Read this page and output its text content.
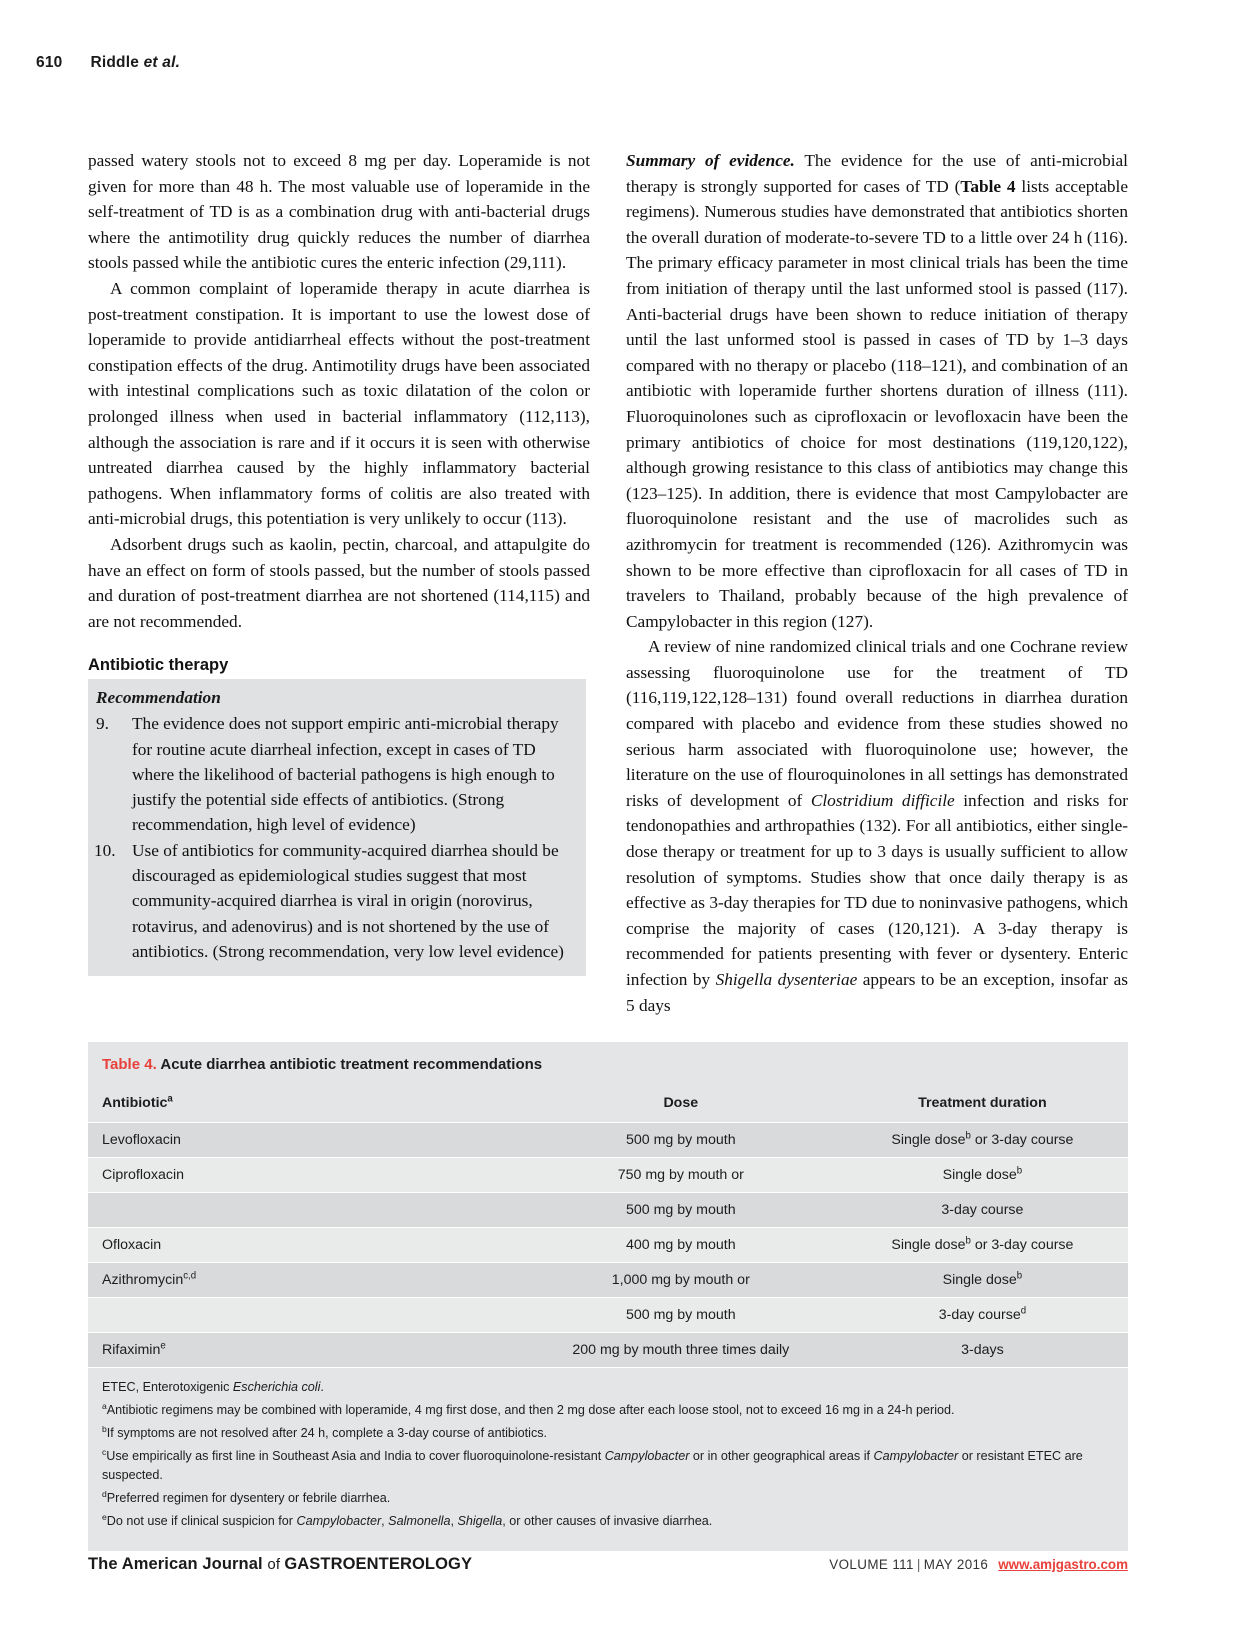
610 Riddle et al.

passed watery stools not to exceed 8 mg per day. Loperamide is not given for more than 48 h. The most valuable use of loperamide in the self-treatment of TD is as a combination drug with anti-bacterial drugs where the antimotility drug quickly reduces the number of diarrhea stools passed while the antibiotic cures the enteric infection (29,111).

A common complaint of loperamide therapy in acute diarrhea is post-treatment constipation. It is important to use the lowest dose of loperamide to provide antidiarrheal effects without the post-treatment constipation effects of the drug. Antimotility drugs have been associated with intestinal complications such as toxic dilatation of the colon or prolonged illness when used in bacterial inflammatory (112,113), although the association is rare and if it occurs it is seen with otherwise untreated diarrhea caused by the highly inflammatory bacterial pathogens. When inflammatory forms of colitis are also treated with anti-microbial drugs, this potentiation is very unlikely to occur (113).

Adsorbent drugs such as kaolin, pectin, charcoal, and attapulgite do have an effect on form of stools passed, but the number of stools passed and duration of post-treatment diarrhea are not shortened (114,115) and are not recommended.

Antibiotic therapy
Recommendation
9.	The evidence does not support empiric anti-microbial therapy for routine acute diarrheal infection, except in cases of TD where the likelihood of bacterial pathogens is high enough to justify the potential side effects of antibiotics. (Strong recommendation, high level of evidence)
10. Use of antibiotics for community-acquired diarrhea should be discouraged as epidemiological studies suggest that most community-acquired diarrhea is viral in origin (norovirus, rotavirus, and adenovirus) and is not shortened by the use of antibiotics. (Strong recommendation, very low level evidence)

Summary of evidence. The evidence for the use of anti-microbial therapy is strongly supported for cases of TD (Table 4 lists acceptable regimens). Numerous studies have demonstrated that antibiotics shorten the overall duration of moderate-to-severe TD to a little over 24 h (116). The primary efficacy parameter in most clinical trials has been the time from initiation of therapy until the last unformed stool is passed (117). Anti-bacterial drugs have been shown to reduce initiation of therapy until the last unformed stool is passed in cases of TD by 1–3 days compared with no therapy or placebo (118–121), and combination of an antibiotic with loperamide further shortens duration of illness (111). Fluoroquinolones such as ciprofloxacin or levofloxacin have been the primary antibiotics of choice for most destinations (119,120,122), although growing resistance to this class of antibiotics may change this (123–125). In addition, there is evidence that most Campylobacter are fluoroquinolone resistant and the use of macrolides such as azithromycin for treatment is recommended (126). Azithromycin was shown to be more effective than ciprofloxacin for all cases of TD in travelers to Thailand, probably because of the high prevalence of Campylobacter in this region (127).

A review of nine randomized clinical trials and one Cochrane review assessing fluoroquinolone use for the treatment of TD (116,119,122,128–131) found overall reductions in diarrhea duration compared with placebo and evidence from these studies showed no serious harm associated with fluoroquinolone use; however, the literature on the use of flouroquinolones in all settings has demonstrated risks of development of Clostridium difficile infection and risks for tendonopathies and arthropathies (132). For all antibiotics, either single-dose therapy or treatment for up to 3 days is usually sufficient to allow resolution of symptoms. Studies show that once daily therapy is as effective as 3-day therapies for TD due to noninvasive pathogens, which comprise the majority of cases (120,121). A 3-day therapy is recommended for patients presenting with fever or dysentery. Enteric infection by Shigella dysenteriae appears to be an exception, insofar as 5 days

Table 4. Acute diarrhea antibiotic treatment recommendations
Antibiotic$^a$	Dose	Treatment duration
Levofloxacin	500 mg by mouth	Single dose$^b$ or 3-day course
Ciprofloxacin	750 mg by mouth or	Single dose$^b$
	500 mg by mouth	3-day course
Ofloxacin	400 mg by mouth	Single dose$^b$ or 3-day course
Azithromycin$^{c,d}$	1,000 mg by mouth or	Single dose$^b$
	500 mg by mouth	3-day course$^d$
Rifaximin$^e$	200 mg by mouth three times daily	3-days
ETEC, Enterotoxigenic Escherichia coli.
$^a$Antibiotic regimens may be combined with loperamide, 4 mg first dose, and then 2 mg dose after each loose stool, not to exceed 16 mg in a 24-h period.
$^b$If symptoms are not resolved after 24 h, complete a 3-day course of antibiotics.
$^c$Use empirically as first line in Southeast Asia and India to cover fluoroquinolone-resistant Campylobacter or in other geographical areas if Campylobacter or resistant ETEC are suspected.
$^d$Preferred regimen for dysentery or febrile diarrhea.
$^e$Do not use if clinical suspicion for Campylobacter, Salmonella, Shigella, or other causes of invasive diarrhea.
The American Journal of GASTROENTEROLOGY	VOLUME 111 | MAY 2016 www.amjgastro.com
